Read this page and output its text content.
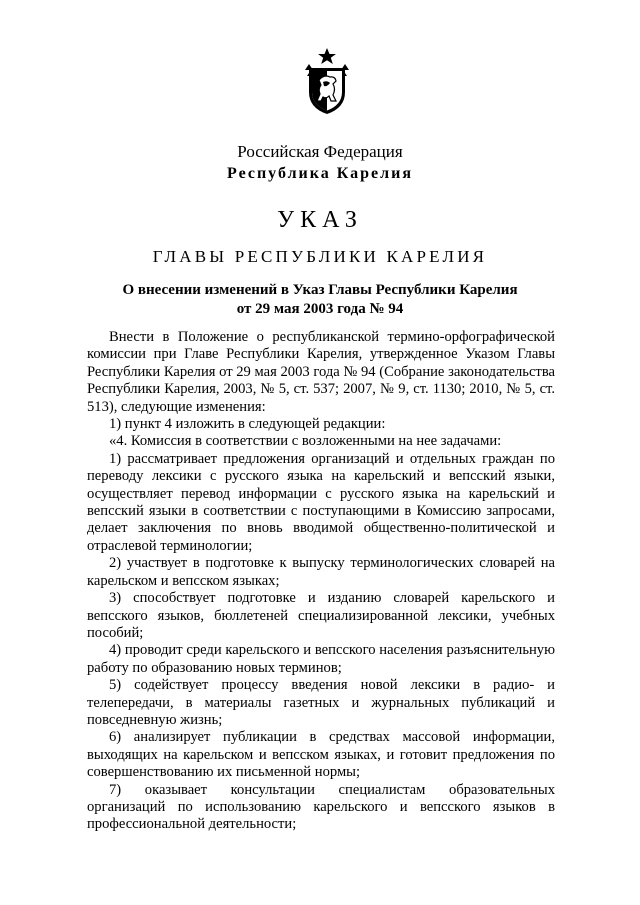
Российская Федерация
Республика Карелия
УКАЗ
ГЛАВЫ РЕСПУБЛИКИ КАРЕЛИЯ
О внесении изменений в Указ Главы Республики Карелия
от 29 мая 2003 года № 94

Внести в Положение о республиканской термино-орфографической комиссии при Главе Республики Карелия, утвержденное Указом Главы Республики Карелия от 29 мая 2003 года № 94 (Собрание законодательства Республики Карелия, 2003, № 5, ст. 537; 2007, № 9, ст. 1130; 2010, № 5, ст. 513), следующие изменения:

1) пункт 4 изложить в следующей редакции:

«4. Комиссия в соответствии с возложенными на нее задачами:

1) рассматривает предложения организаций и отдельных граждан по переводу лексики с русского языка на карельский и вепсский языки, осуществляет перевод информации с русского языка на карельский и вепсский языки в соответствии с поступающими в Комиссию запросами, делает заключения по вновь вводимой общественно-политической и отраслевой терминологии;

2) участвует в подготовке к выпуску терминологических словарей на карельском и вепсском языках;

3) способствует подготовке и изданию словарей карельского и вепсского языков, бюллетеней специализированной лексики, учебных пособий;

4) проводит среди карельского и вепсского населения разъяснительную работу по образованию новых терминов;

5) содействует процессу введения новой лексики в радио- и телепередачи, в материалы газетных и журнальных публикаций и повседневную жизнь;

6) анализирует публикации в средствах массовой информации, выходящих на карельском и вепсском языках, и готовит предложения по совершенствованию их письменной нормы;

7) оказывает консультации специалистам образовательных организаций по использованию карельского и вепсского языков в профессиональной деятельности;
